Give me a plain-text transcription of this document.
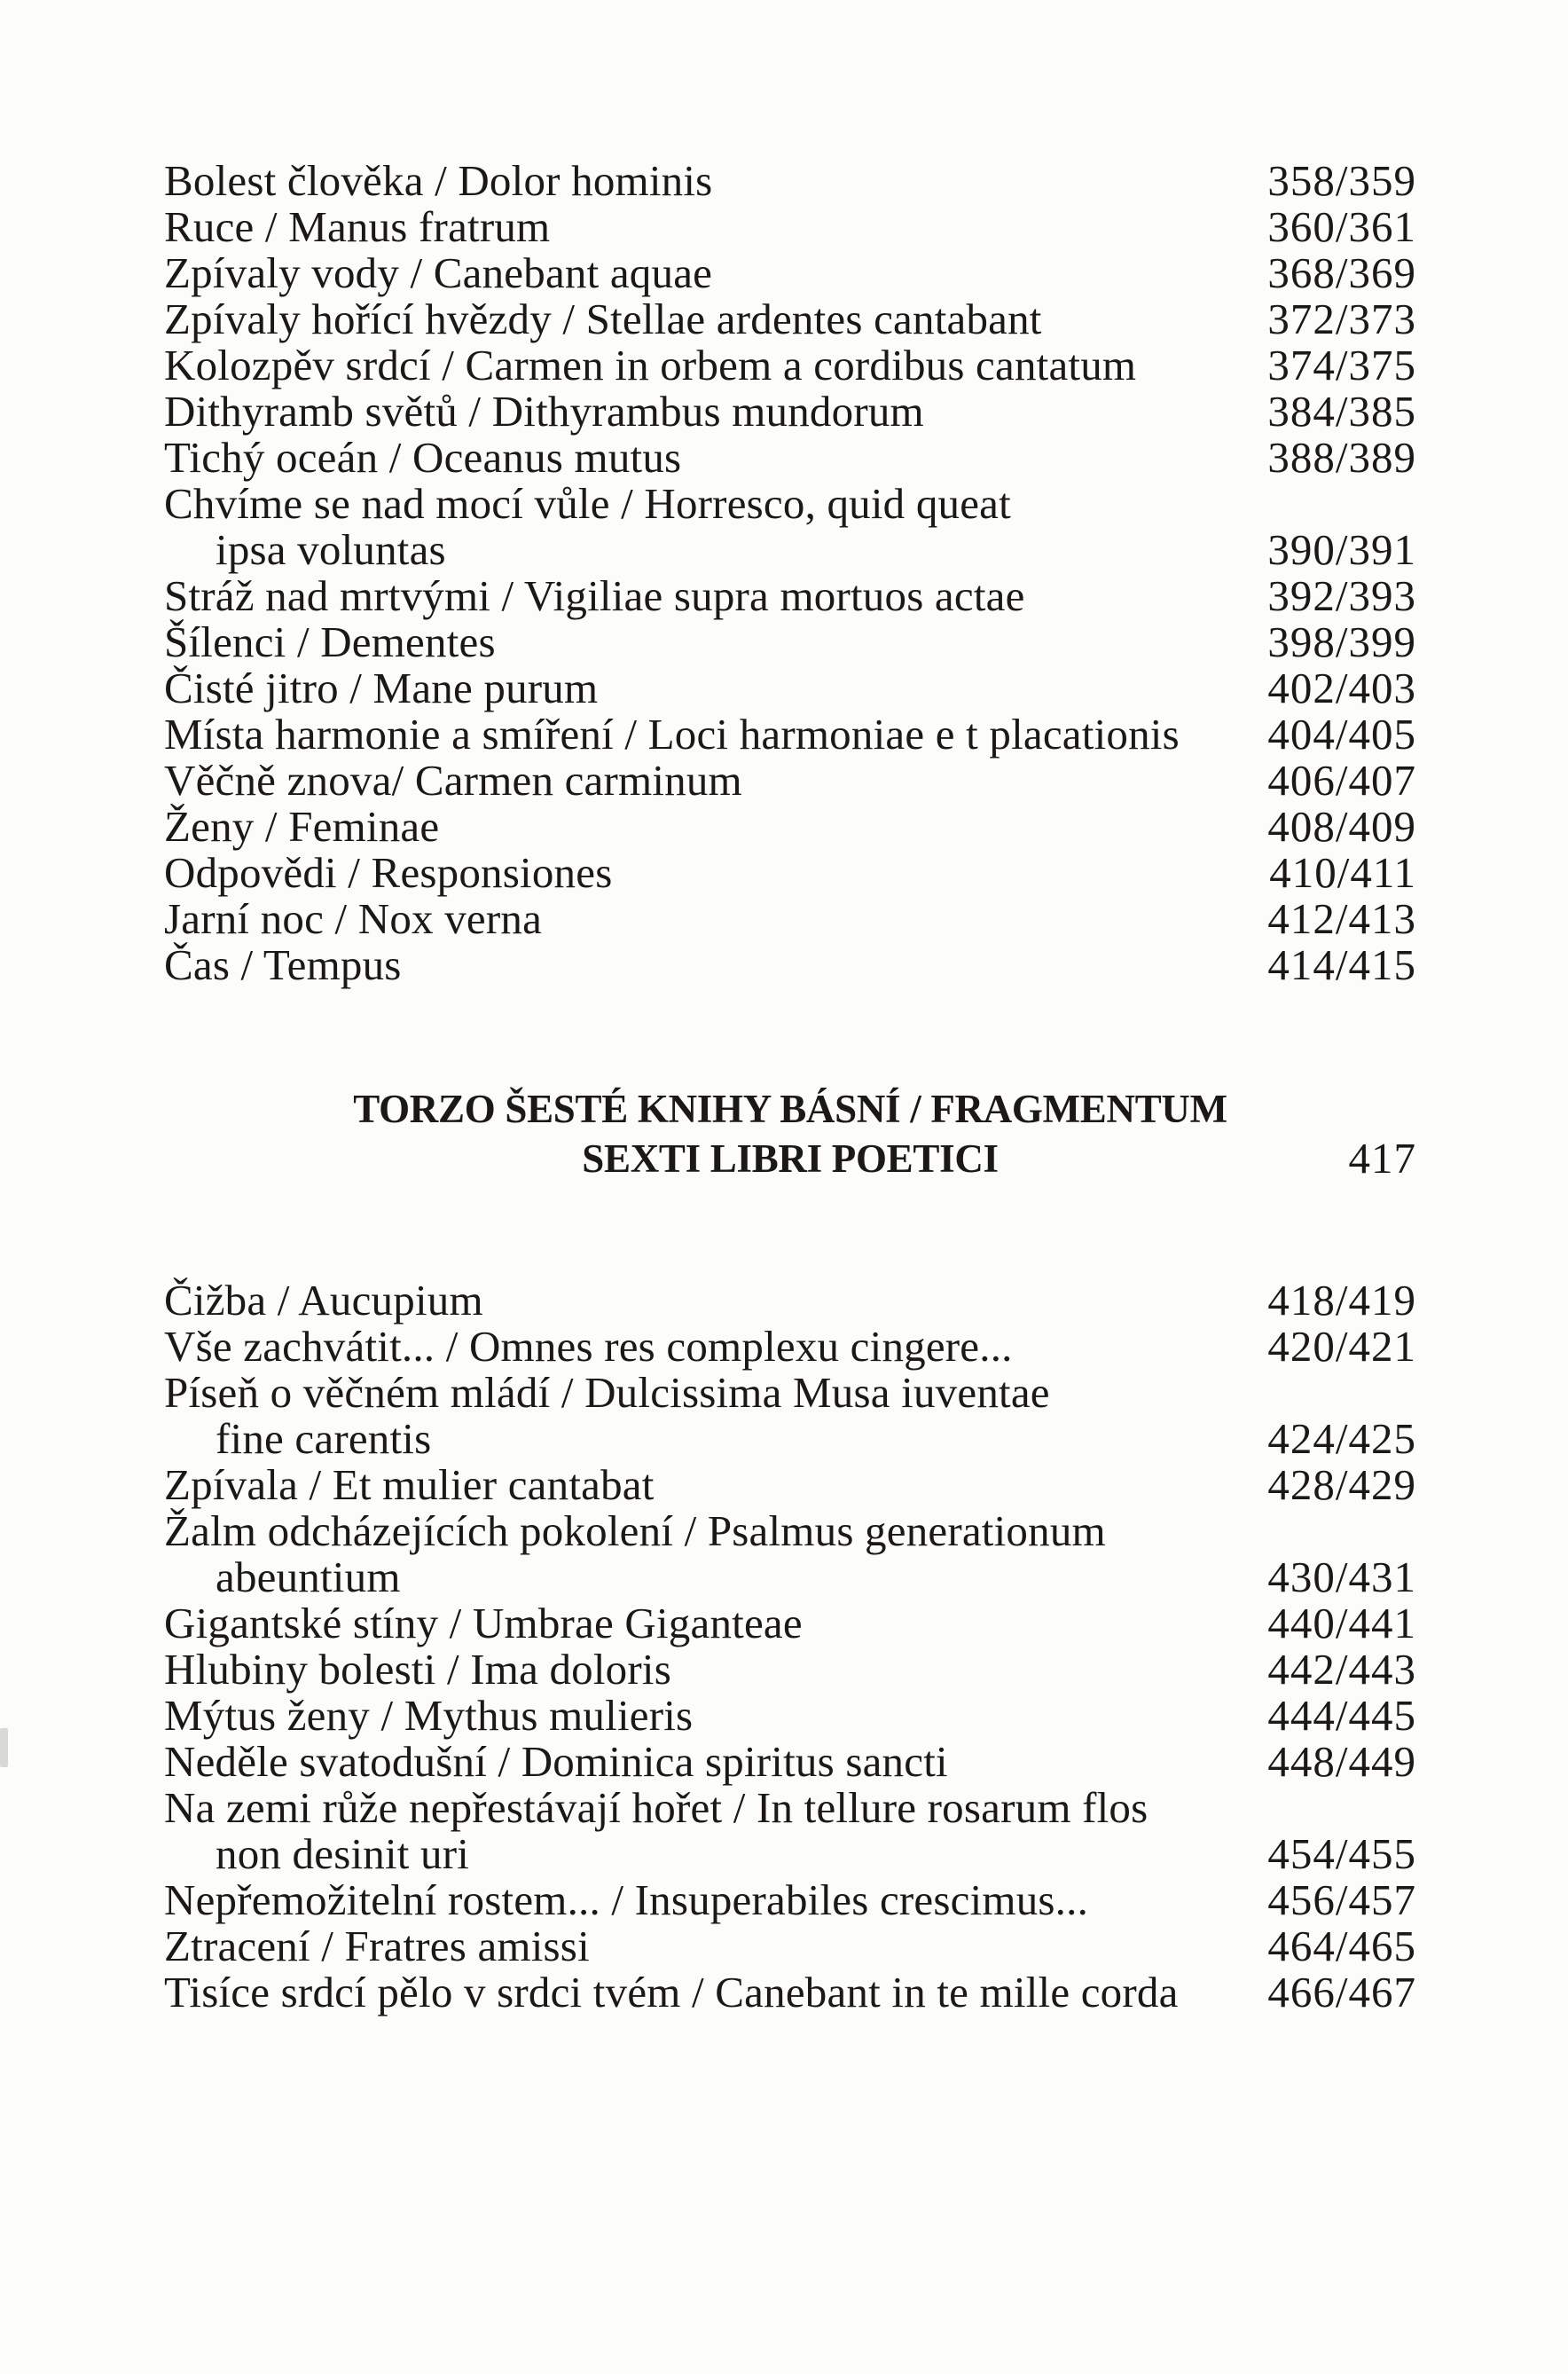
Bolest člověka / Dolor hominis	358/359
Ruce / Manus fratrum	360/361
Zpívaly vody / Canebant aquae	368/369
Zpívaly hořící hvězdy / Stellae ardentes cantabant	372/373
Kolozpěv srdcí / Carmen in orbem a cordibus cantatum	374/375
Dithyramb světů / Dithyrambus mundorum	384/385
Tichý oceán / Oceanus mutus	388/389
Chvíme se nad mocí vůle / Horresco, quid queat
ipsa voluntas	390/391
Stráž nad mrtvými / Vigiliae supra mortuos actae	392/393
Šílenci / Dementes	398/399
Čisté jitro / Mane purum	402/403
Místa harmonie a smíření / Loci harmoniae e t placationis 404/405
Věčně znova/ Carmen carminum	406/407
Ženy / Feminae	408/409
Odpovědi / Responsiones	410/411
Jarní noc / Nox verna	412/413
Čas / Tempus	414/415
TORZO ŠESTÉ KNIHY BÁSNÍ / FRAGMENTUM
SEXTI LIBRI POETICI	417
Čižba / Aucupium	418/419
Vše zachvátit... / Omnes res complexu cingere...	420/421
Píseň o věčném mládí / Dulcissima Musa iuventae
fine carentis	424/425
Zpívala / Et mulier cantabat	428/429
Žalm odcházejících pokolení / Psalmus generationum
abeuntium	430/431
Gigantské stíny / Umbrae Giganteae	440/441
Hlubiny bolesti / Ima doloris	442/443
Mýtus ženy / Mythus mulieris	444/445
Neděle svatodušní / Dominica spiritus sancti	448/449
Na zemi růže nepřestávají hořet / In tellure rosarum flos
non desinit uri	454/455
Nepřemožitelní rostem... / Insuperabiles crescimus...	456/457
Ztracení / Fratres amissi	464/465
Tisíce srdcí pělo v srdci tvém / Canebant in te mille corda 466/467
